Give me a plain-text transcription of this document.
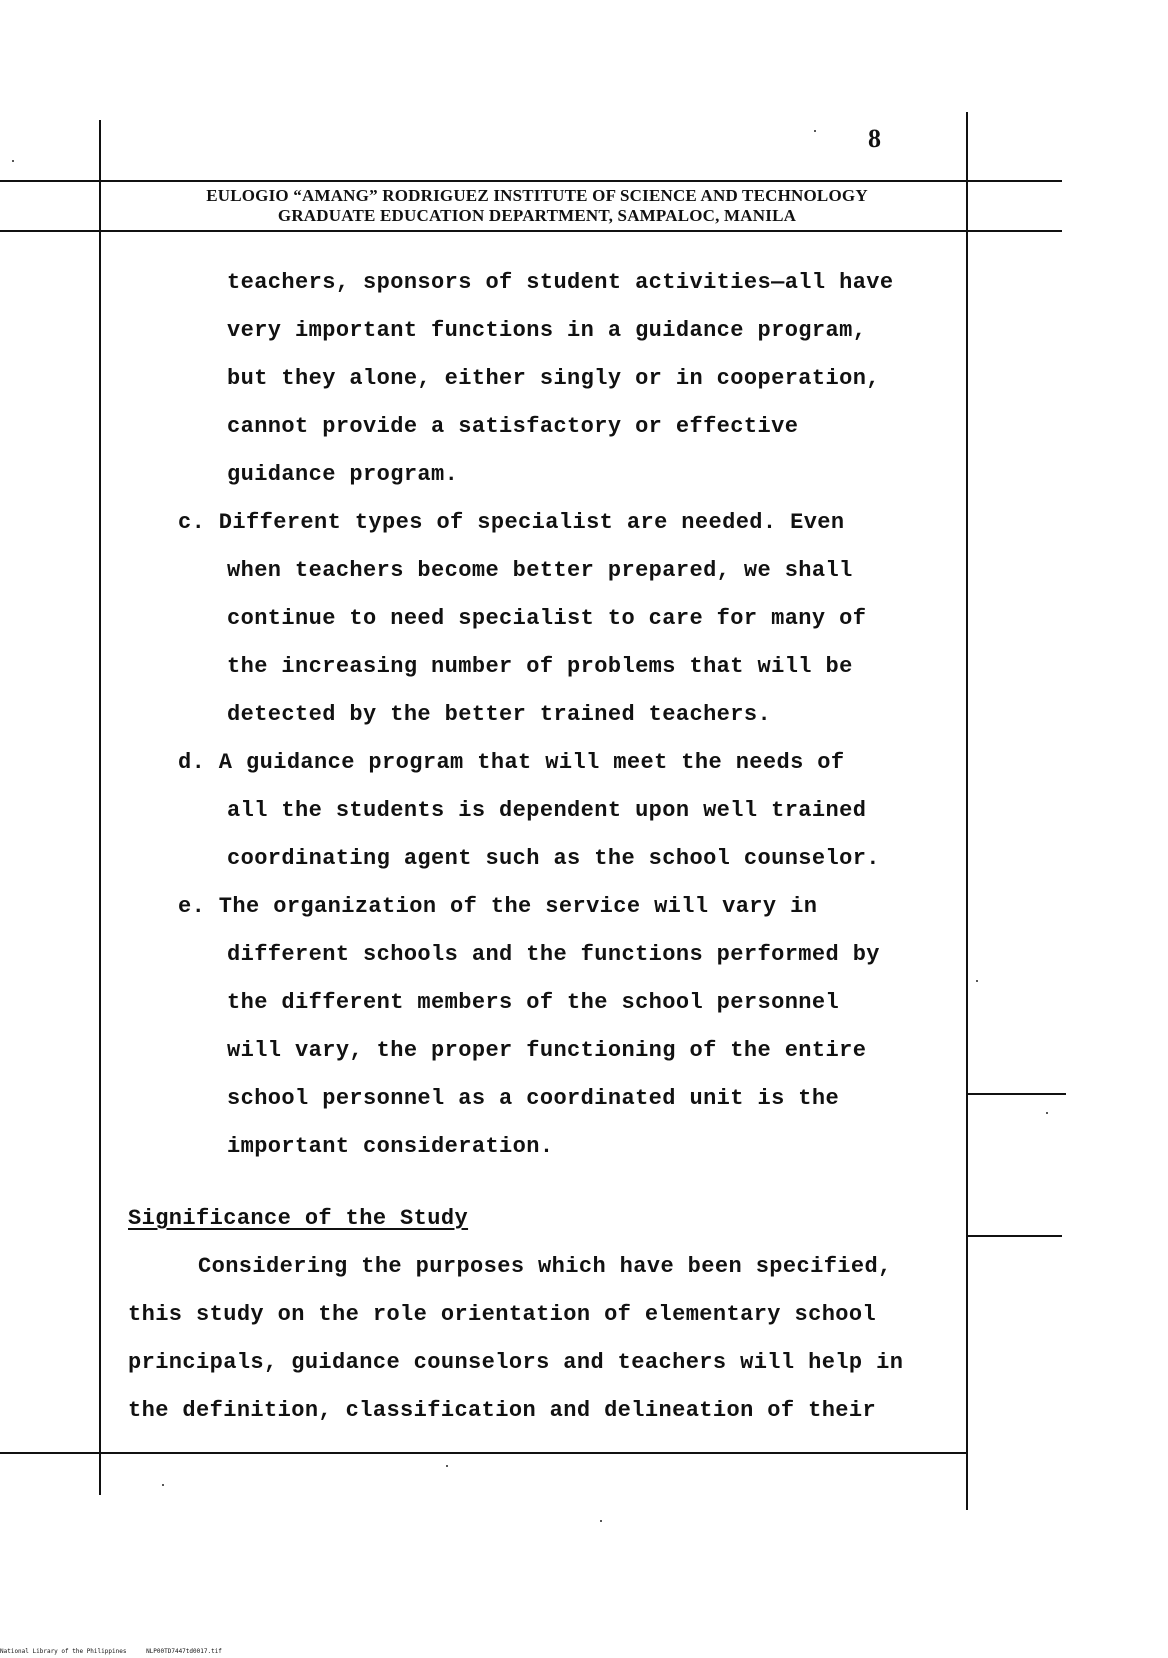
8
EULOGIO “AMANG” RODRIGUEZ INSTITUTE OF SCIENCE AND TECHNOLOGY
GRADUATE EDUCATION DEPARTMENT, SAMPALOC, MANILA
teachers, sponsors of student activities—all have
very important functions in a guidance program,
but they alone, either singly or in cooperation,
cannot provide a satisfactory or effective
guidance program.
c. Different types of specialist are needed. Even
when teachers become better prepared, we shall
continue to need specialist to care for many of
the increasing number of problems that will be
detected by the better trained teachers.
d. A guidance program that will meet the needs of
all the students is dependent upon well trained
coordinating agent such as the school counselor.
e. The organization of the service will vary in
different schools and the functions performed by
the different members of the school personnel
will vary, the proper functioning of the entire
school personnel as a coordinated unit is the
important consideration.
Significance of the Study
Considering the purposes which have been specified,
this study on the role orientation of elementary school
principals, guidance counselors and teachers will help in
the definition, classification and delineation of their
National Library of the Philippines	NLP00TD7447td0017.tif
